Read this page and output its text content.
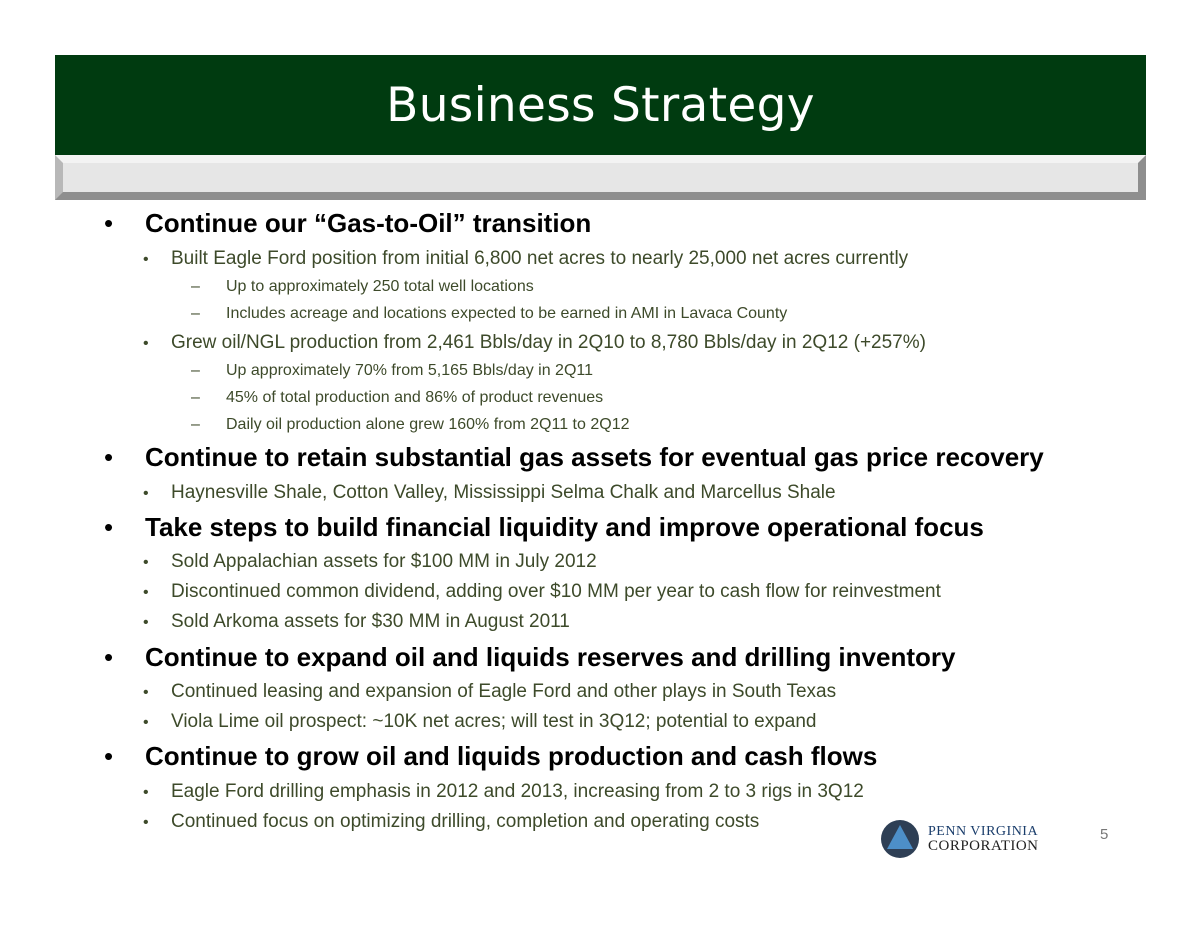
Business Strategy
• Continue our “Gas-to-Oil” transition
• Built Eagle Ford position from initial 6,800 net acres to nearly 25,000 net acres currently
– Up to approximately 250 total well locations
– Includes acreage and locations expected to be earned in AMI in Lavaca County
• Grew oil/NGL production from 2,461 Bbls/day in 2Q10 to 8,780 Bbls/day in 2Q12 (+257%)
– Up approximately 70% from 5,165 Bbls/day in 2Q11
– 45% of total production and 86% of product revenues
– Daily oil production alone grew 160% from 2Q11 to 2Q12
• Continue to retain substantial gas assets for eventual gas price recovery
• Haynesville Shale, Cotton Valley, Mississippi Selma Chalk and Marcellus Shale
• Take steps to build financial liquidity and improve operational focus
• Sold Appalachian assets for $100 MM in July 2012
• Discontinued common dividend, adding over $10 MM per year to cash flow for reinvestment
• Sold Arkoma assets for $30 MM in August 2011
• Continue to expand oil and liquids reserves and drilling inventory
• Continued leasing and expansion of Eagle Ford and other plays in South Texas
• Viola Lime oil prospect: ~10K net acres; will test in 3Q12; potential to expand
• Continue to grow oil and liquids production and cash flows
• Eagle Ford drilling emphasis in 2012 and 2013, increasing from 2 to 3 rigs in 3Q12
• Continued focus on optimizing drilling, completion and operating costs	PENN VIRGINIA
CORPORATION
5
